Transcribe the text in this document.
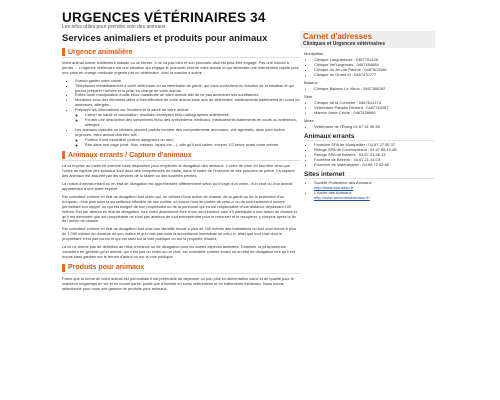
URGENCES VÉTÉRINAIRES 34
Les infos utiles pour prendre soin des animaux
Services animaliers et produits pour animaux
Urgence animalière

Votre animal tombe subitement malade ou se blesse. Il ne va pas bien et son pronostic vital est peut-être engagé. Pas une minute à perdre ... L'urgence vétérinaire est une situation qui engage le pronostic vital de votre animal et qui nécessite une intervention rapide pour une prise en charge médicale urgente par un vétérinaire. Voici la marche à suivre :

• Surtout garder votre calme.
• Téléphonez immédiatement à votre vétérinaire ou au vétérinaire de garde, qui vous conseillera en fonction de la situation et qui pourra préparer l'arrivée et la prise en charge de votre animal.
• Évitez toute manipulation inutile et/ou maladroite de votre animal afin de ne pas accentuer ses souffrances.
• Munissez-vous des éléments utiles à l'identification de votre animal sans avis du vétérinaire, médicaments,traitements en cours ou antérieurs, allergies ...
• Préparez les informations sur l'incident et la santé de votre animal :
◦ Carnet de santé et vaccination, résultats d'analyses et/ou radiographies antérieures.
◦ Fournir une description des symptômes et/ou des antécédents médicaux, médicaments,traitements en cours ou antérieurs, allergies ...
• Les animaux malades ou blessés peuvent parfois montrer des comportements anormaux, voir agressifs, alors pour toutes urgences, votre animal doit être soit :
◦ Porteur d'une muselière (chiens dangereux ou non)
◦ Être dans une cage (chat, Nac, oiseaux, lapins etc ...), afin qu'il soit calme, environ 1/2 heure avant notre arrivée.
Animaux errants / Capture d'animaux

La loi impose au maire de prendre toute disposition pour empêcher la divagation des animaux. L'ordre de mise en fourrière ainsi que l'ordre de capture des animaux sont donc des compétences du maire, dans le cadre de l'exercice de ses pouvoirs de police. La capture des animaux est assurée par les services de la Mairie ou des sociétés privées.

La notion d'animal errant ou en état de divagation est appréhendée différemment selon qu'il s'agit d'un chien, d'un chat ou d'un animal appartenant à une autre espèce.

Est considéré comme en état de divagation tout chien qui, en dehors d'une action de chasse, de la garde ou de la protection d'un troupeau, n'est plus sous la surveillance effective de son maître, se trouve hors de portée de celui-ci ou de tout instrument sonore permettant son rappel, ou qui est éloigné de son propriétaire ou de la personne qui en est responsable d'une distance dépassant 100 mètres. Est par ailleurs en état de divagation, tout chien abandonné livré à son seul instinct, sauf s'il participait à une action de chasse et qu'il est démontré que son propriétaire ne s'est pas abstenu de tout entreprendre pour le retrouver et le récupérer, y compris après la fin de l'action de chasse.

Est considéré comme en état de divagation tout chat non identifié trouvé à plus de 200 mètres des habitations ou tout chat trouvé à plus de 1 000 mètres du domicile de son maître et qui n'est pas sous la surveillance immédiate de celui-ci, ainsi que tout chat dont le propriétaire n'est pas connu et qui est saisi sur la voie publique ou sur la propriété d'autrui.

La loi ne donne pas de définition de l'état d'errance ou de divagation pour les autres espèces animales. Toutefois, la jurisprudence considère en général qu'un animal, qui n'est pas un chien ou un chat, est considéré comme errant ou en état de divagation lors qu'il est trouvé sans gardien sur le terrain d'autrui ou sur la voie publique.

Produits pour animaux

Parce que la forme de votre animal est primordiale il est préférable de dépenser un peu plus en alimentation saine et de qualité pour le maintenir longtemps en vie et en bonne santé, plutôt que d'investir en soins vétérinaires et en traitements médicaux. Nous avons sélectionné pour vous une gamme de produits pour animaux.

Carnet d'adresses
Cliniques et Urgences vétérinaires
Montpellier
• Clinique Languedocia : 0467751428
• Clinique Vet'Urgences : 0467454884
• Clinique du Jeu de Paume : 0467603166
• Clinique du Grand M : 0467470777
Balaruc
• Clinique Balaruc Le Vieux : 0467188282
Sète
• Clinique de la Corniche : 0467514174
• Vétérinaire Paradis Richard : 0467744287
• Mamon Anne-Cécile : 0467438666
Mèze
• Vétérinaire de l'Étang 04 67 51 96 65
Animaux errants
• Fourrière SPA de Montpellier : 04.67.27.55.37
• Refuge SPA de Cournonterral : 04.67.85.12.65
• Refuge SPA de Bézeirs : 04.67.31.36.13
• Fourrière de Bézeirs : 04.67.11.14.03
• Fourrière de Vallerargues : 04.66.72.62.86
Sites internet
• Société Protectrice des Animaux
http://www.spa.asso.fr
• L'Arche des Animaux
http://www.archedesanimaux.fr/
